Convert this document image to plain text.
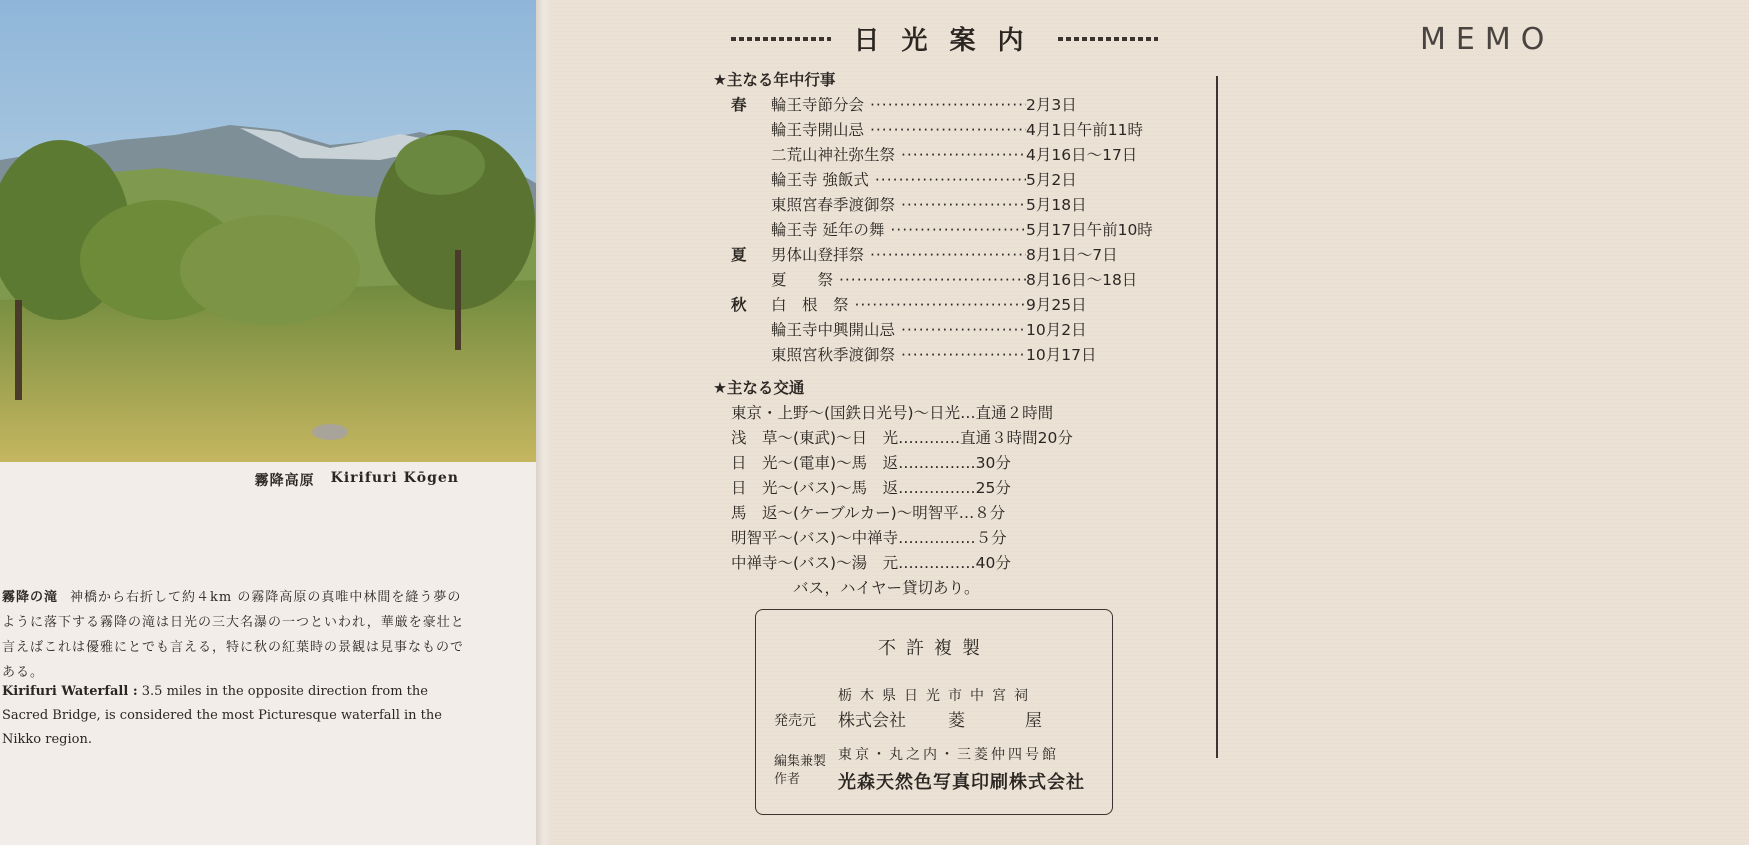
霧降高原 Kirifuri Kōgen
霧降の滝 神橋から右折して約４km の霧降高原の真唯中林間を縫う夢のように落下する霧降の滝は日光の三大名瀑の一つといわれ，華厳を豪壮と言えばこれは優雅にとでも言える，特に秋の紅葉時の景観は見事なものである。
Kirifuri Waterfall : 3.5 miles in the opposite direction from the Sacred Bridge, is considered the most Picturesque waterfall in the Nikko region.
日光案内	MEMO
★主なる年中行事
春	輪王寺節分会 ·····	2月3日
輪王寺開山忌 ·····	4月1日午前11時
二荒山神社弥生祭 ·····	4月16日～17日
輪王寺 強飯式 ·····	5月2日
東照宮春季渡御祭 ·····	5月18日
輪王寺 延年の舞 ·····	5月17日午前10時
夏	男体山登拝祭 ·····	8月1日～7日
夏　　祭 ·····	8月16日～18日
秋	白　根　祭 ·····	9月25日
輪王寺中興開山忌 ·····	10月2日
東照宮秋季渡御祭 ·····	10月17日
★主なる交通
東京・上野～(国鉄日光号)～日光…直通２時間
浅　草～(東武)～日　光…………直通３時間20分
日　光～(電車)～馬　返……………30分
日　光～(バス)～馬　返……………25分
馬　返～(ケーブルカー)～明智平…８分
明智平～(バス)～中禅寺……………５分
中禅寺～(バス)～湯　元……………40分
バス，ハイヤー貸切あり。
不許複製
栃木県日光市中宮祠
発売元 株式会社 菱屋
編集兼製作者
東京・丸之内・三菱仲四号館
光森天然色写真印刷株式会社
